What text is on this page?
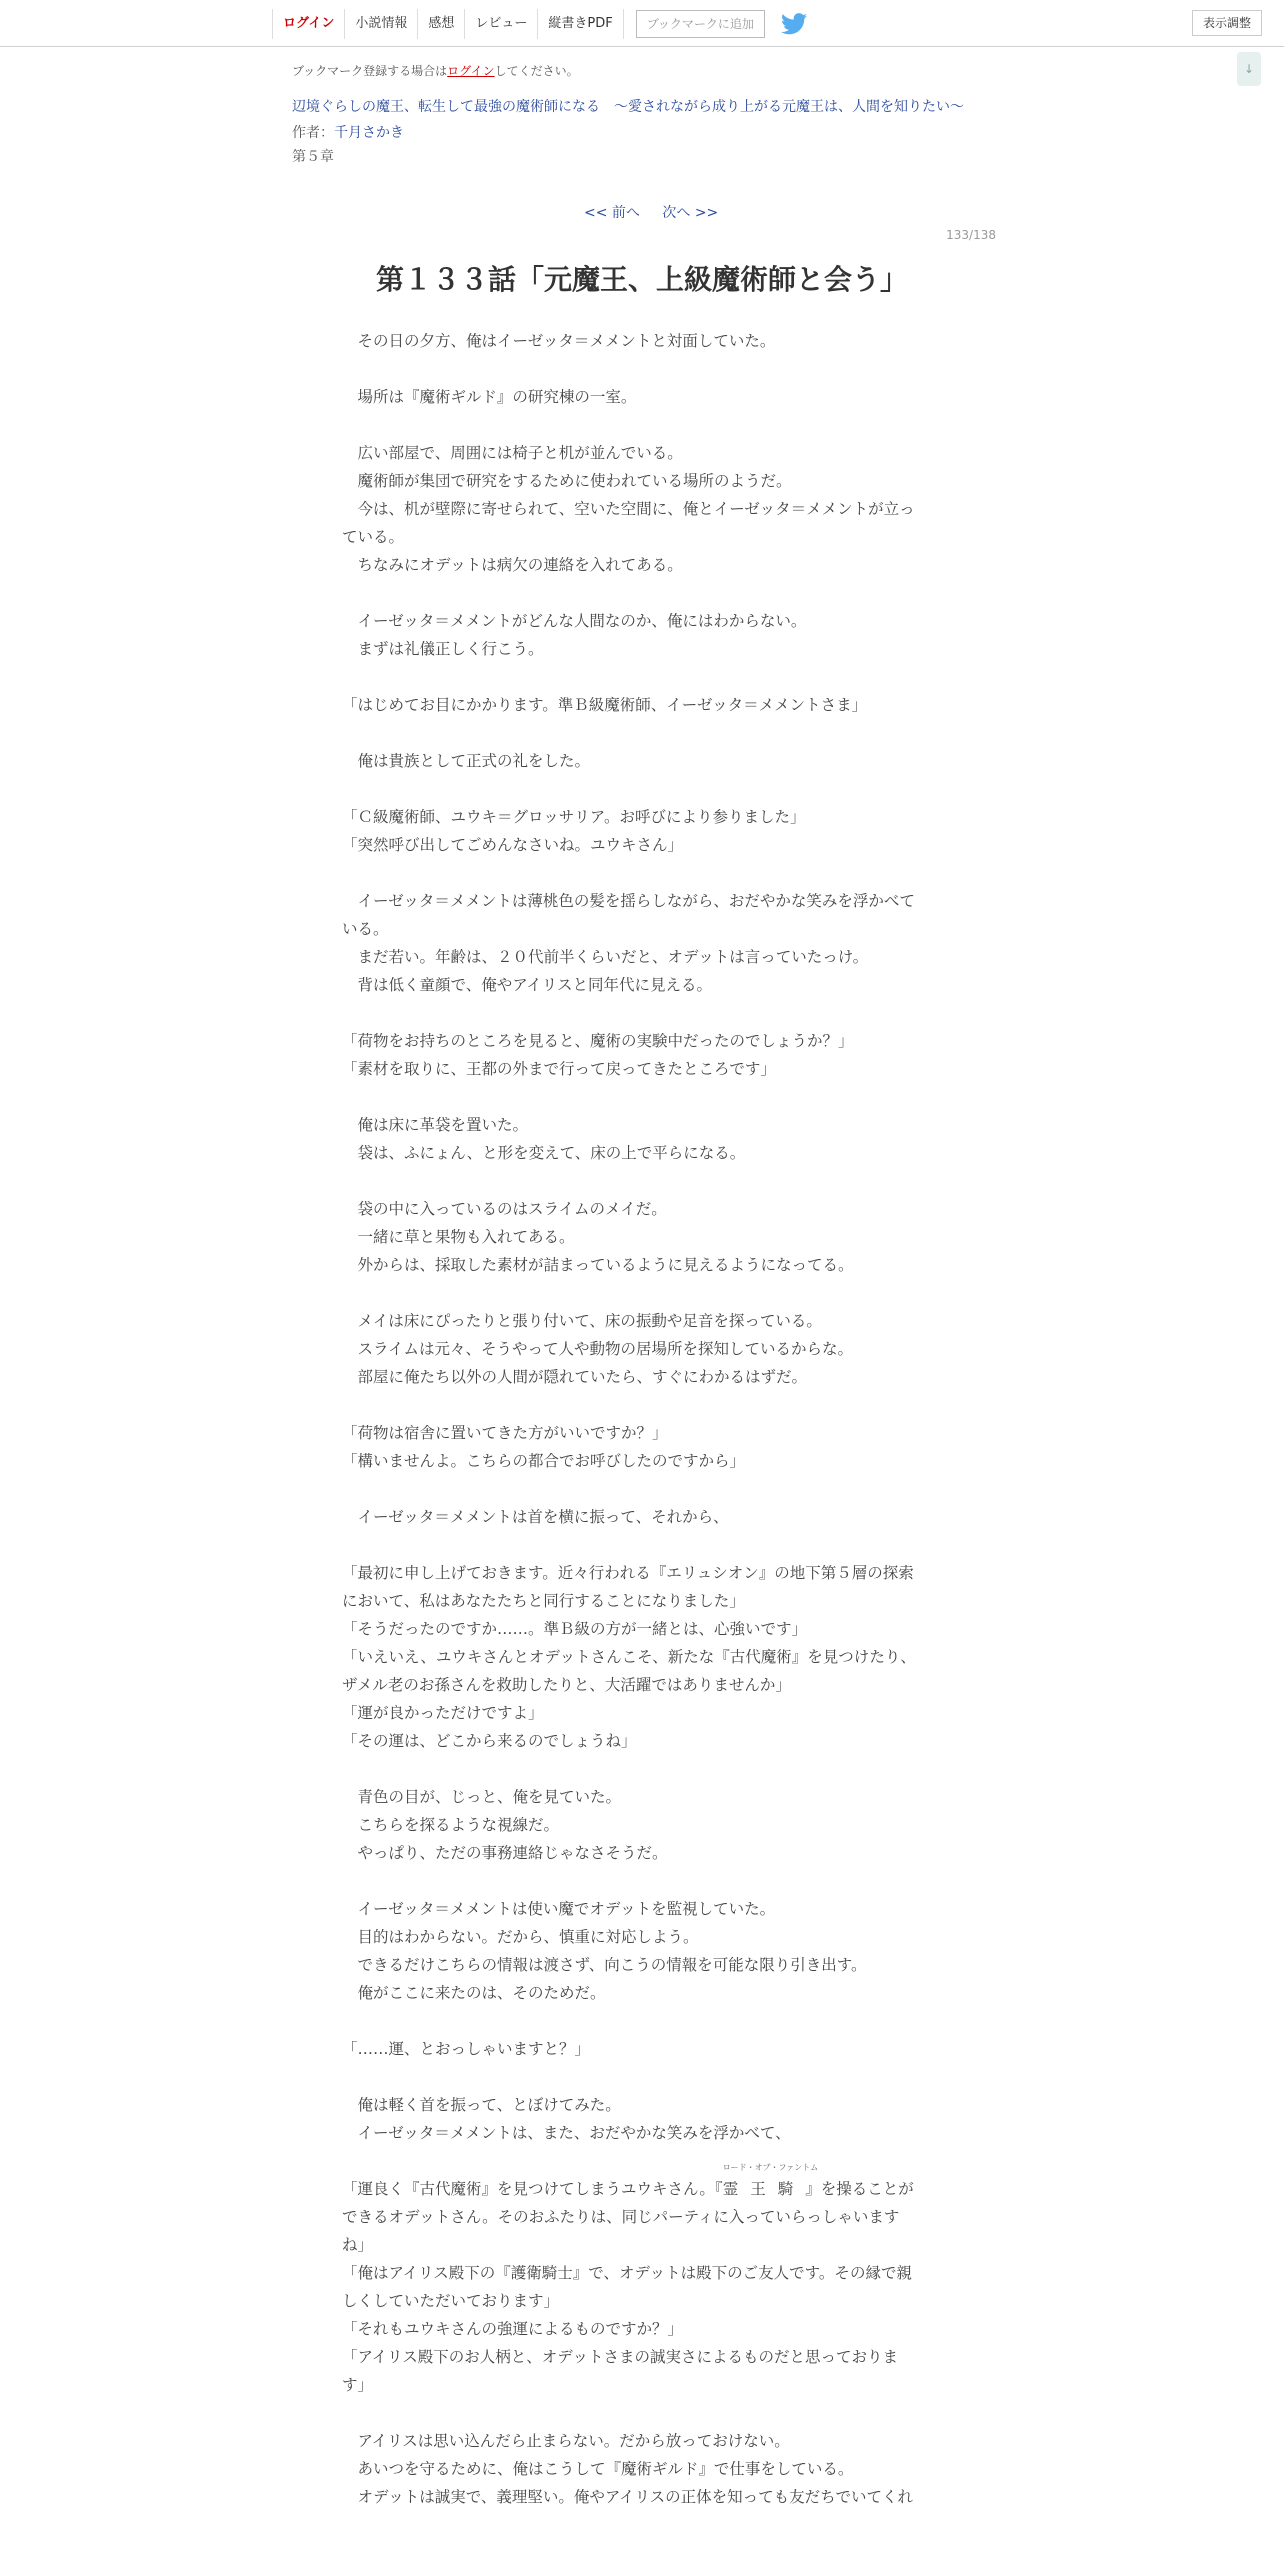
ログイン	小説情報	感想	レビュー	縦書きPDF	ブックマークに追加	表示調整
↓
ブックマーク登録する場合はログインしてください。
辺境ぐらしの魔王、転生して最強の魔術師になる　〜愛されながら成り上がる元魔王は、人間を知りたい〜
作者：千月さかき
第５章
<< 前へ 次へ >>
133/138
第１３３話「元魔王、上級魔術師と会う」
　その日の夕方、俺はイーゼッタ＝メメントと対面していた。
　場所は『魔術ギルド』の研究棟の一室。
　広い部屋で、周囲には椅子と机が並んでいる。
　魔術師が集団で研究をするために使われている場所のようだ。
　今は、机が壁際に寄せられて、空いた空間に、俺とイーゼッタ＝メメントが立っ
ている。
　ちなみにオデットは病欠の連絡を入れてある。
　イーゼッタ＝メメントがどんな人間なのか、俺にはわからない。
　まずは礼儀正しく行こう。
「はじめてお目にかかります。準Ｂ級魔術師、イーゼッタ＝メメントさま」
　俺は貴族として正式の礼をした。
「Ｃ級魔術師、ユウキ＝グロッサリア。お呼びにより参りました」
「突然呼び出してごめんなさいね。ユウキさん」
　イーゼッタ＝メメントは薄桃色の髪を揺らしながら、おだやかな笑みを浮かべて
いる。
　まだ若い。年齢は、２０代前半くらいだと、オデットは言っていたっけ。
　背は低く童顔で、俺やアイリスと同年代に見える。
「荷物をお持ちのところを見ると、魔術の実験中だったのでしょうか？」
「素材を取りに、王都の外まで行って戻ってきたところです」
　俺は床に革袋を置いた。
　袋は、ふにょん、と形を変えて、床の上で平らになる。
　袋の中に入っているのはスライムのメイだ。
　一緒に草と果物も入れてある。
　外からは、採取した素材が詰まっているように見えるようになってる。
　メイは床にぴったりと張り付いて、床の振動や足音を探っている。
　スライムは元々、そうやって人や動物の居場所を探知しているからな。
　部屋に俺たち以外の人間が隠れていたら、すぐにわかるはずだ。
「荷物は宿舎に置いてきた方がいいですか？」
「構いませんよ。こちらの都合でお呼びしたのですから」
　イーゼッタ＝メメントは首を横に振って、それから、
「最初に申し上げておきます。近々行われる『エリュシオン』の地下第５層の探索
において、私はあなたたちと同行することになりました」
「そうだったのですか……。準Ｂ級の方が一緒とは、心強いです」
「いえいえ、ユウキさんとオデットさんこそ、新たな『古代魔術』を見つけたり、
ザメル老のお孫さんを救助したりと、大活躍ではありませんか」
「運が良かっただけですよ」
「その運は、どこから来るのでしょうね」
　青色の目が、じっと、俺を見ていた。
　こちらを探るような視線だ。
　やっぱり、ただの事務連絡じゃなさそうだ。
　イーゼッタ＝メメントは使い魔でオデットを監視していた。
　目的はわからない。だから、慎重に対応しよう。
　できるだけこちらの情報は渡さず、向こうの情報を可能な限り引き出す。
　俺がここに来たのは、そのためだ。
「……運、とおっしゃいますと？」
　俺は軽く首を振って、とぼけてみた。
　イーゼッタ＝メメントは、また、おだやかな笑みを浮かべて、
「運良く『古代魔術』を見つけてしまうユウキさん。『
ロード・オブ・ファントム
霊王騎』を操ることが
できるオデットさん。そのおふたりは、同じパーティに入っていらっしゃいます
ね」
「俺はアイリス殿下の『護衛騎士』で、オデットは殿下のご友人です。その縁で親
しくしていただいております」
「それもユウキさんの強運によるものですか？」
「アイリス殿下のお人柄と、オデットさまの誠実さによるものだと思っておりま
す」
　アイリスは思い込んだら止まらない。だから放っておけない。
　あいつを守るために、俺はこうして『魔術ギルド』で仕事をしている。
　オデットは誠実で、義理堅い。俺やアイリスの正体を知っても友だちでいてくれ
